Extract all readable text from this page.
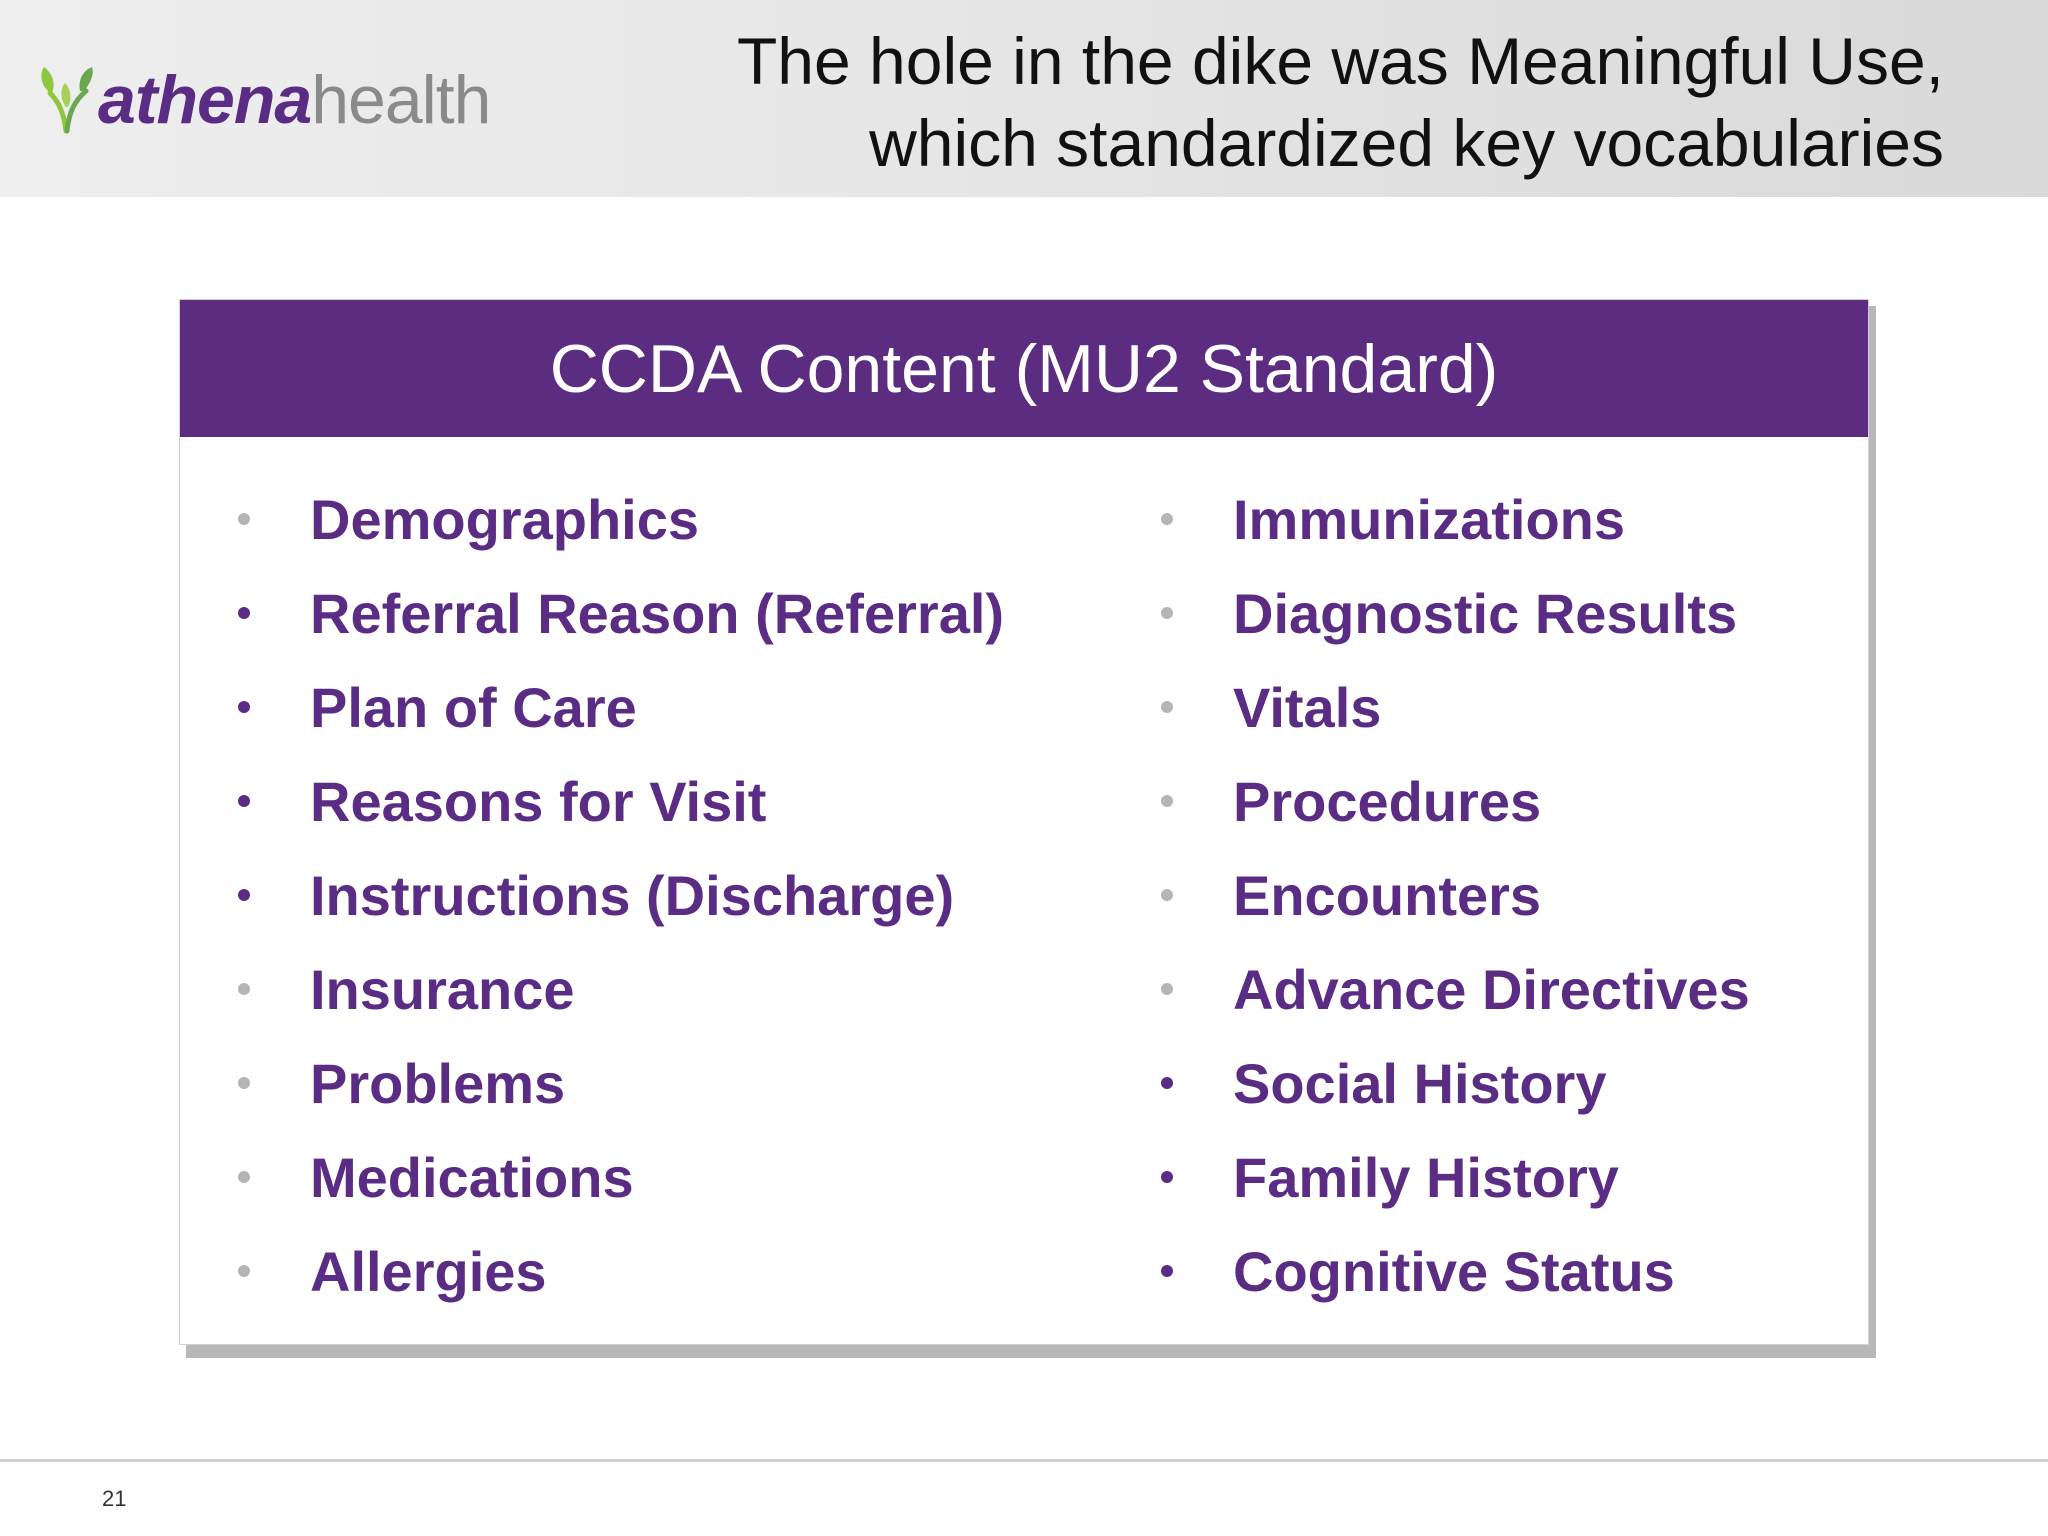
athenahealth
The hole in the dike was Meaningful Use,
which standardized key vocabularies
CCDA Content (MU2 Standard)
Demographics
Referral Reason (Referral)
Plan of Care
Reasons for Visit
Instructions (Discharge)
Insurance
Problems
Medications
Allergies
Immunizations
Diagnostic Results
Vitals
Procedures
Encounters
Advance Directives
Social History
Family History
Cognitive Status
21
